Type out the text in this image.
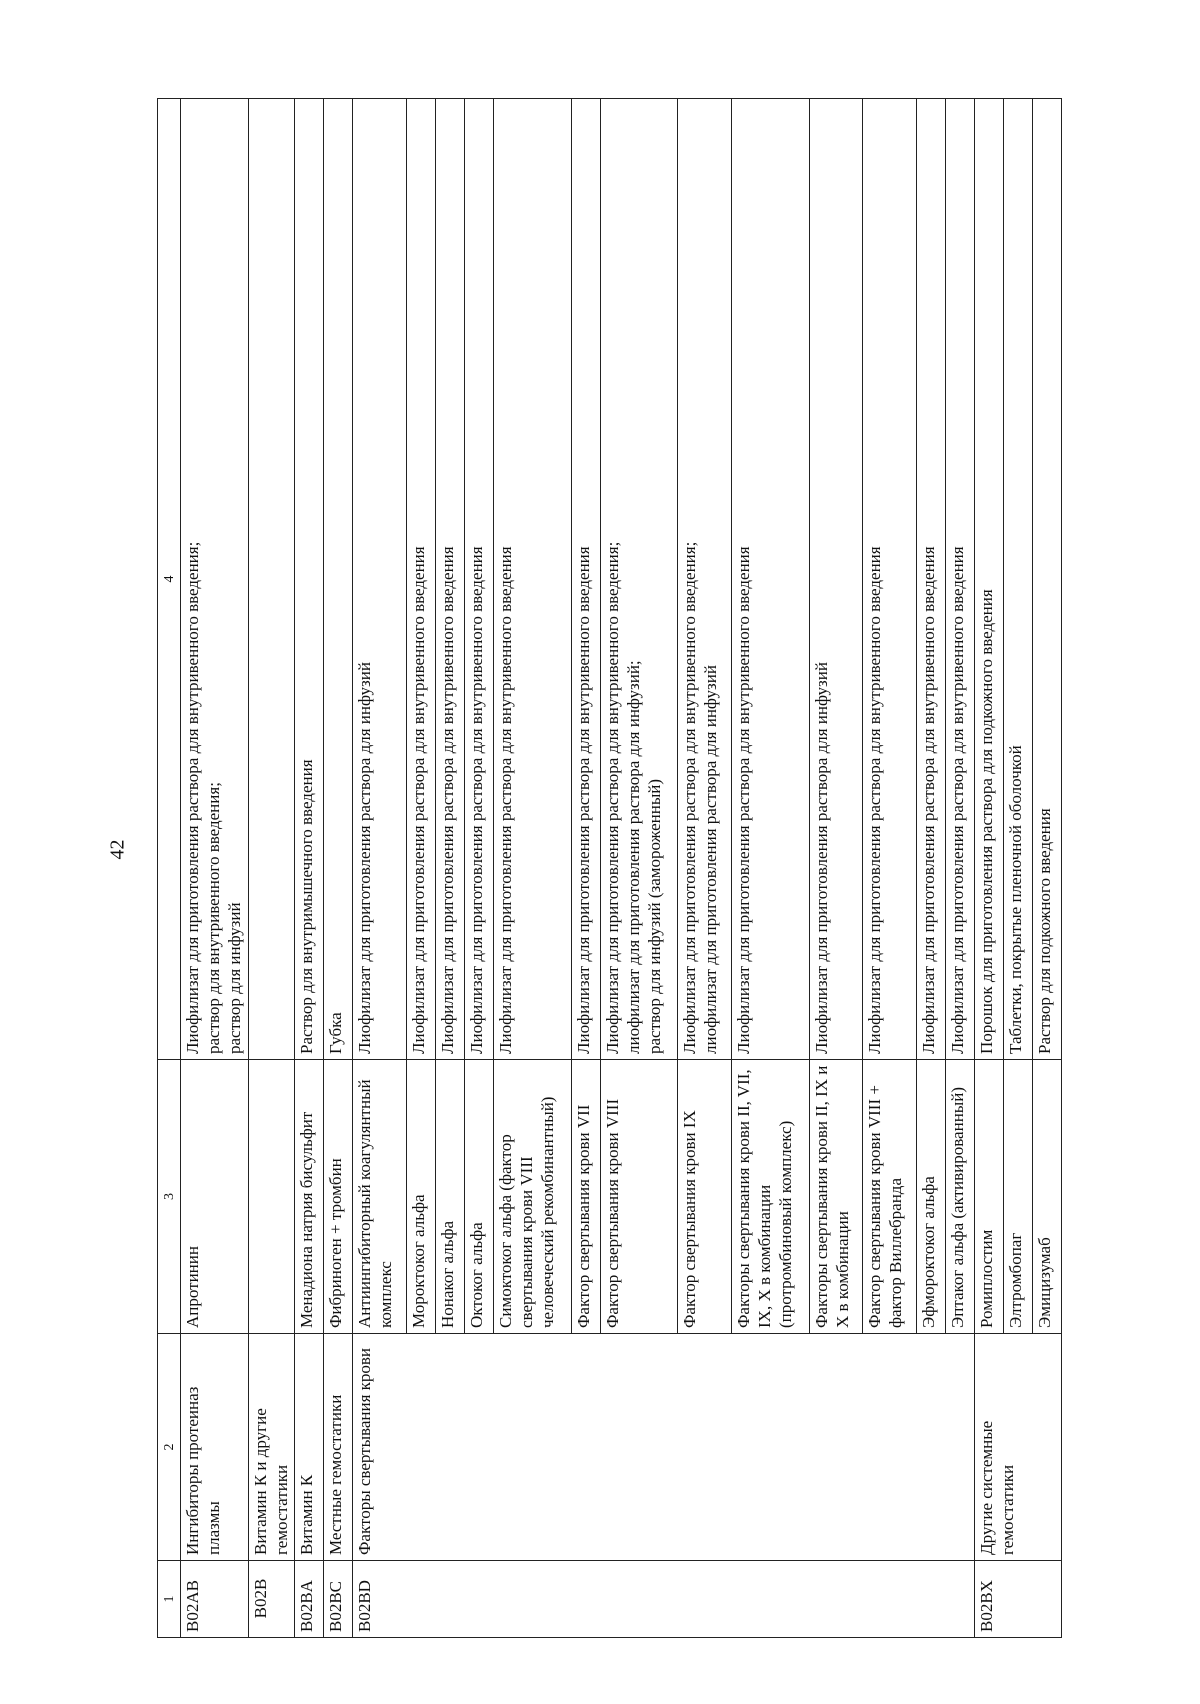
42
1	2	3	4
B02AB	Ингибиторы протеиназ плазмы	Апротинин	Лиофилизат для приготовления раствора для внутривенного введения; раствор для внутривенного введения; раствор для инфузий

B02B	Витамин К и другие гемостатики		
B02BA	Витамин К	Менадиона натрия бисульфит	Раствор для внутримышечного введения
B02BC	Местные гемостатики	Фибриноген + тромбин	Губка
B02BD	Факторы свертывания крови	Антиингибиторный коагулянтный комплекс	Лиофилизат для приготовления раствора для инфузий
		Мороктоког альфа	Лиофилизат для приготовления раствора для внутривенного введения
		Нонаког альфа	Лиофилизат для приготовления раствора для внутривенного введения
		Октоког альфа	Лиофилизат для приготовления раствора для внутривенного введения
		Симоктоког альфа (фактор свертывания крови VIII человеческий рекомбинантный)	Лиофилизат для приготовления раствора для внутривенного введения
		Фактор свертывания крови VII	Лиофилизат для приготовления раствора для внутривенного введения
		Фактор свертывания крови VIII	Лиофилизат для приготовления раствора для внутривенного введения; лиофилизат для приготовления раствора для инфузий; раствор для инфузий (замороженный)

		Фактор свертывания крови IX	Лиофилизат для приготовления раствора для внутривенного введения; лиофилизат для приготовления раствора для инфузий

		Факторы свертывания крови II, VII, IX, X в комбинации (протромбиновый комплекс)	Лиофилизат для приготовления раствора для внутривенного введения
		Факторы свертывания крови II, IX и X в комбинации	Лиофилизат для приготовления раствора для инфузий
		Фактор свертывания крови VIII + фактор Виллебранда	Лиофилизат для приготовления раствора для внутривенного введения
		Эфмороктоког альфа	Лиофилизат для приготовления раствора для внутривенного введения
		Эптаког альфа (активированный)	Лиофилизат для приготовления раствора для внутривенного введения
B02BX	Другие системные гемостатики	Ромиплостим	Порошок для приготовления раствора для подкожного введения
		Элтромбопаг	Таблетки, покрытые пленочной оболочкой
		Эмицизумаб	Раствор для подкожного введения
